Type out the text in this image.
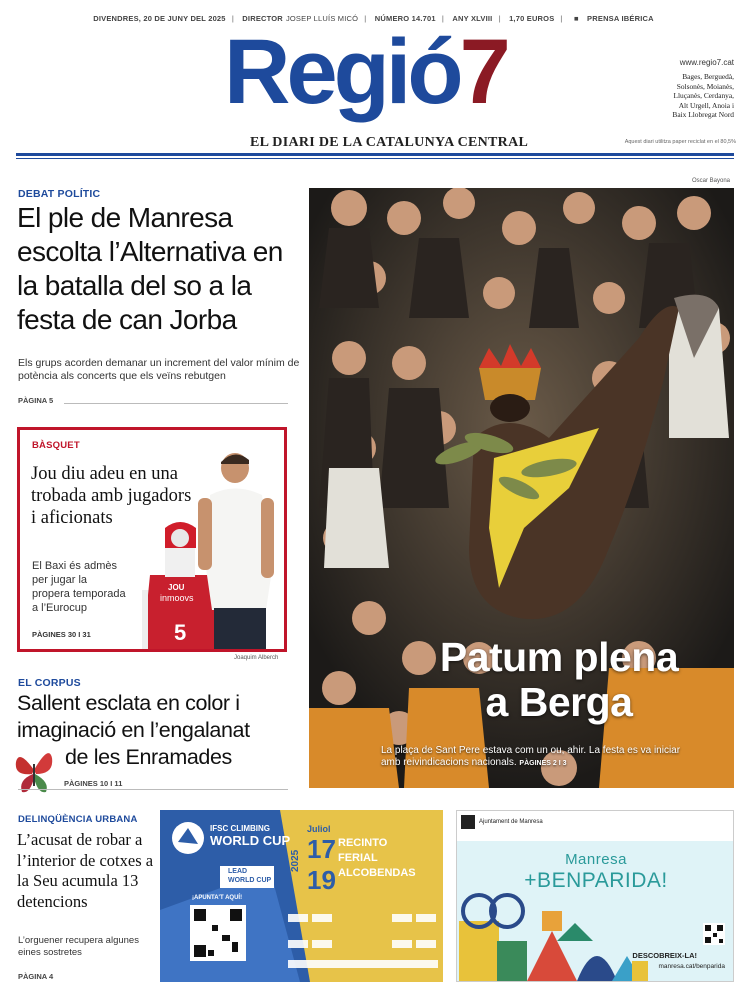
DIVENDRES, 20 DE JUNY DEL 2025 | DIRECTOR JOSEP LLUÍS MICÓ | NÚMERO 14.701 | ANY XLVIII | 1,70 EUROS | ■ PRENSA IBÉRICA
Regió7	www.regio7.cat
Bages, Berguedà,
Solsonès, Moianès,
Lluçanès, Cerdanya,
Alt Urgell, Anoia i
Baix Llobregat Nord
EL DIARI DE LA CATALUNYA CENTRAL	Aquest diari utilitza paper reciclat en el 80,5%
DEBAT POLÍTIC
El ple de Manresa escolta l’Alternativa en la batalla del so a la festa de can Jorba
Els grups acorden demanar un increment del valor mínim de potència als concerts que els veïns rebutgen
PÀGINA 5
JOU
inmoovs
5
BÀSQUET
Jou diu adeu en una trobada amb jugadors i aficionats
El Baxi és admès per jugar la propera temporada a l’Eurocup
PÀGINES 30 I 31
Joaquim Alberch
EL CORPUS
Sallent esclata en color i imaginació en l’engalanat
de les Enramades
PÀGINES 10 I 11
DELINQÜÈNCIA URBANA
L’acusat de robar a l’interior de cotxes a la Seu acumula 13 detencions
L’orguener recupera algunes eines sostretes
PÀGINA 4
Oscar Bayona
Patum plena
a Berga
La plaça de Sant Pere estava com un ou, ahir. La festa es va iniciar amb reivindicacions nacionals. PÀGINES 2 I 3
IFSC CLIMBING
WORLD CUP
LEAD
WORLD CUP
¡APUNTA'T AQUÍ!
Juliol
17
19
2025
RECINTO
FERIAL
ALCOBENDAS
Ajuntament de Manresa
Manresa
+BENPARIDA!
DESCOBREIX-LA!
manresa.cat/benparida
